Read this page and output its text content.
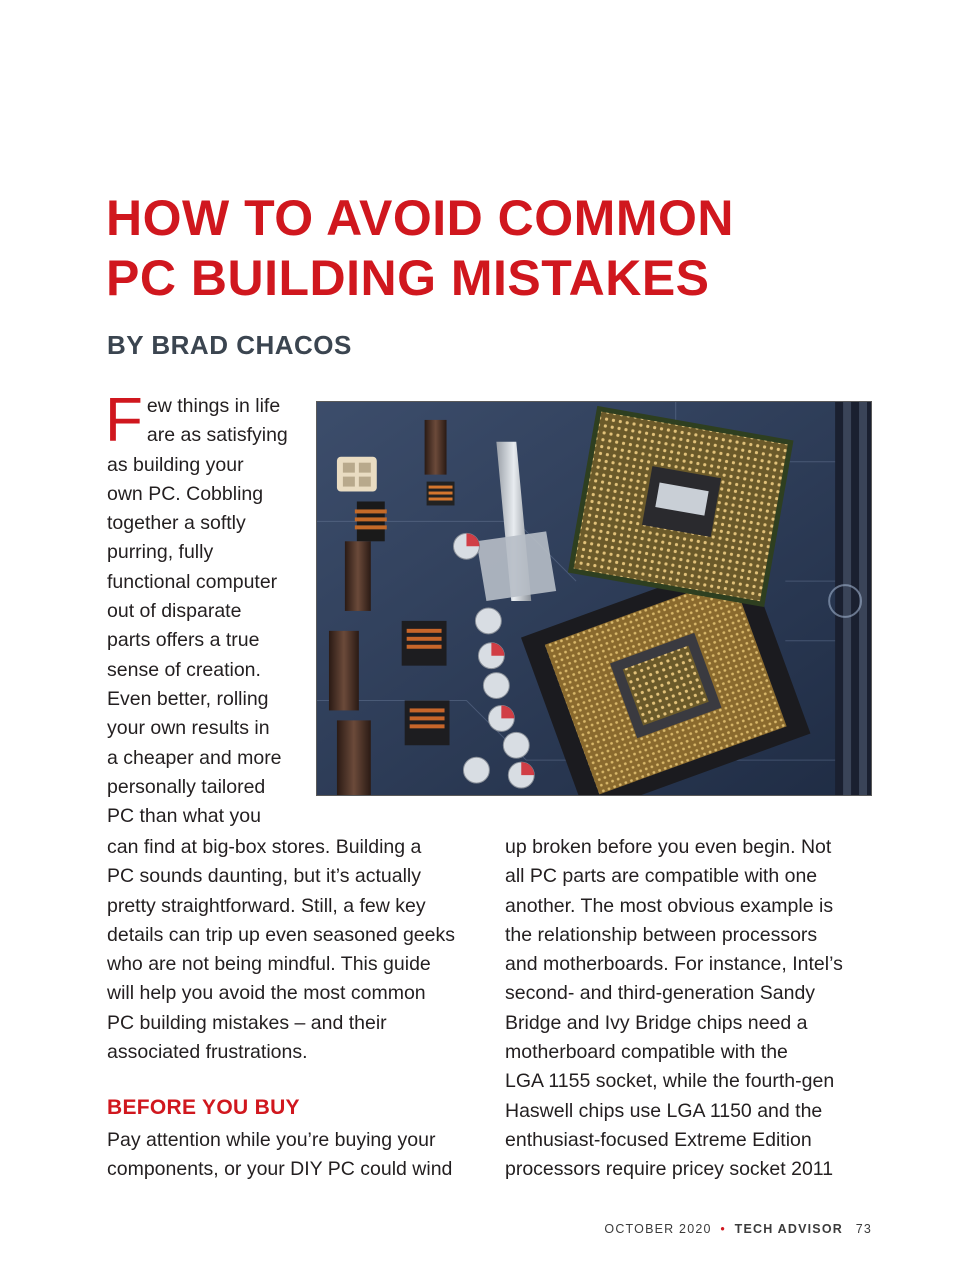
HOW TO AVOID COMMON
PC BUILDING MISTAKES
BY BRAD CHACOS
F ew things in life
are as satisfying
as building your
own PC. Cobbling
together a softly
purring, fully
functional computer
out of disparate
parts offers a true
sense of creation.
Even better, rolling
your own results in
a cheaper and more
personally tailored
PC than what you
can find at big-box stores. Building a
PC sounds daunting, but it’s actually
pretty straightforward. Still, a few key
details can trip up even seasoned geeks
who are not being mindful. This guide
will help you avoid the most common
PC building mistakes – and their
associated frustrations.
BEFORE YOU BUY
Pay attention while you’re buying your
components, or your DIY PC could wind
up broken before you even begin. Not
all PC parts are compatible with one
another. The most obvious example is
the relationship between processors
and motherboards. For instance, Intel’s
second- and third-generation Sandy
Bridge and Ivy Bridge chips need a
motherboard compatible with the
LGA 1155 socket, while the fourth-gen
Haswell chips use LGA 1150 and the
enthusiast-focused Extreme Edition
processors require pricey socket 2011
OCTOBER 2020 • TECH ADVISOR 73
